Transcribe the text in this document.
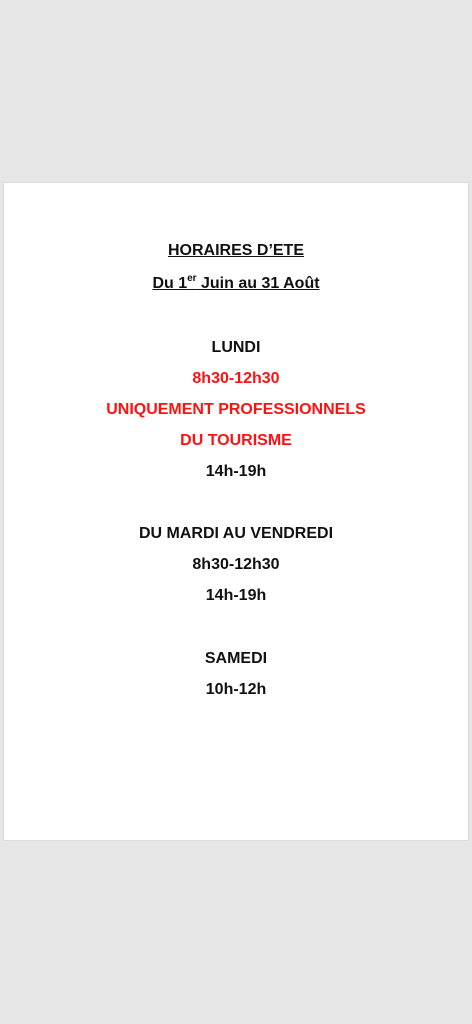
HORAIRES D’ETE
Du 1er Juin au 31 Août
LUNDI
8h30-12h30
UNIQUEMENT PROFESSIONNELS
DU TOURISME
14h-19h
DU MARDI AU VENDREDI
8h30-12h30
14h-19h
SAMEDI
10h-12h
